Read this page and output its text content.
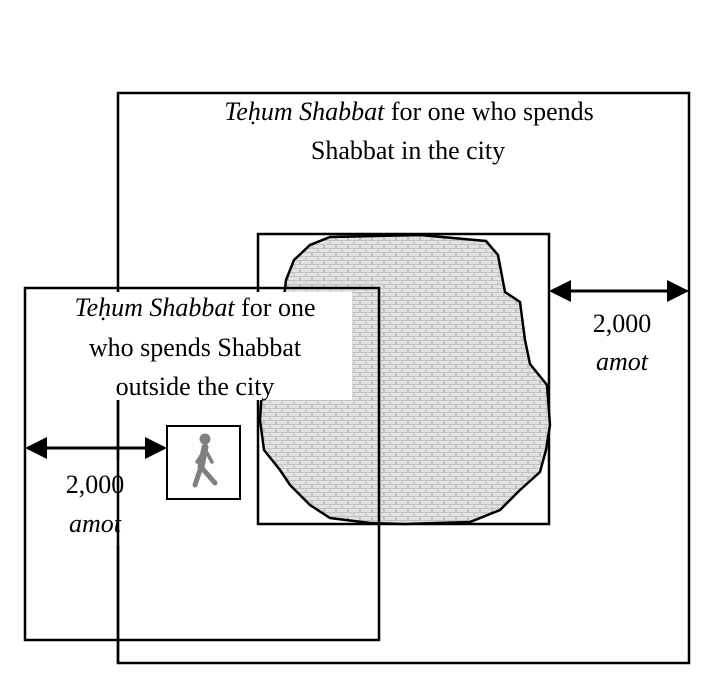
Teḥum Shabbat for one who spends
Shabbat in the city
Teḥum Shabbat for one
who spends Shabbat
outside the city
2,000
amot
2,000
amot
